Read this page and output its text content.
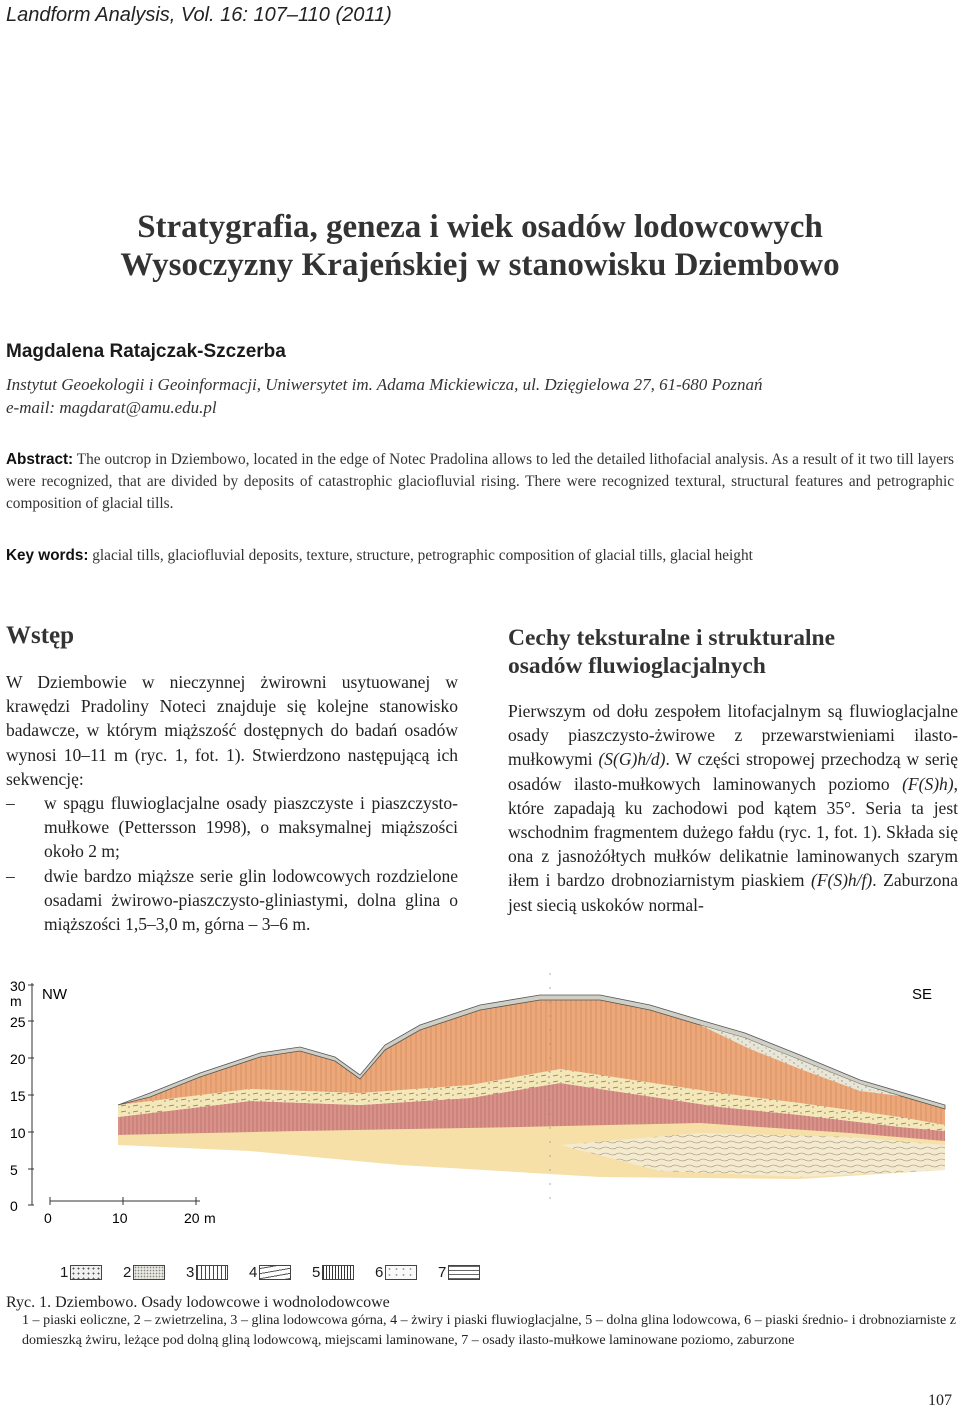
Landform Analysis, Vol. 16: 107–110 (2011)
Stratygrafia, geneza i wiek osadów lodowcowych
Wysoczyzny Krajeńskiej w stanowisku Dziembowo
Magdalena Ratajczak-Szczerba
Instytut Geoekologii i Geoinformacji, Uniwersytet im. Adama Mickiewicza, ul. Dzięgielowa 27, 61-680 Poznań
e-mail: magdarat@amu.edu.pl
Abstract: The outcrop in Dziembowo, located in the edge of Notec Pradolina allows to led the detailed lithofacial analysis. As a result of it two till layers were recognized, that are divided by deposits of catastrophic glaciofluvial rising. There were recognized textural, structural features and petrographic composition of glacial tills.
Key words: glacial tills, glaciofluvial deposits, texture, structure, petrographic composition of glacial tills, glacial height
Wstęp

W Dziembowie w nieczynnej żwirowni usytuowanej w krawędzi Pradoliny Noteci znajduje się kolejne stanowisko badawcze, w którym miąższość dostępnych do badań osadów wynosi 10–11 m (ryc. 1, fot. 1). Stwierdzono następującą ich sekwencję:

– w spągu fluwioglacjalne osady piaszczyste i piaszczysto-mułkowe (Pettersson 1998), o maksymalnej miąższości około 2 m;
– dwie bardzo miąższe serie glin lodowcowych rozdzielone osadami żwirowo-piaszczysto-gliniastymi, dolna glina o miąższości 1,5–3,0 m, górna – 3–6 m.
Cechy teksturalne i strukturalne
osadów fluwioglacjalnych
Pierwszym od dołu zespołem litofacjalnym są fluwioglacjalne osady piaszczysto-żwirowe z przewarstwieniami ilasto-mułkowymi (S(G)h/d). W części stropowej przechodzą w serię osadów ilasto-mułkowych laminowanych poziomo (F(S)h), które zapadają ku zachodowi pod kątem 35°. Seria ta jest wschodnim fragmentem dużego fałdu (ryc. 1, fot. 1). Składa się ona z jasnożółtych mułków delikatnie laminowanych szarym iłem i bardzo drobnoziarnistym piaskiem (F(S)h/f). Zaburzona jest siecią uskoków normal-
30
m
25
20
15
10
5
0
0	10	20 m
NW	SE
1	2	3	4	5	6	7
Ryc. 1. Dziembowo. Osady lodowcowe i wodnolodowcowe
1 – piaski eoliczne, 2 – zwietrzelina, 3 – glina lodowcowa górna, 4 – żwiry i piaski fluwioglacjalne, 5 – dolna glina lodowcowa, 6 – piaski średnio- i drobnoziarniste z domieszką żwiru, leżące pod dolną gliną lodowcową, miejscami laminowane, 7 – osady ilasto-mułkowe laminowane poziomo, zaburzone
107
